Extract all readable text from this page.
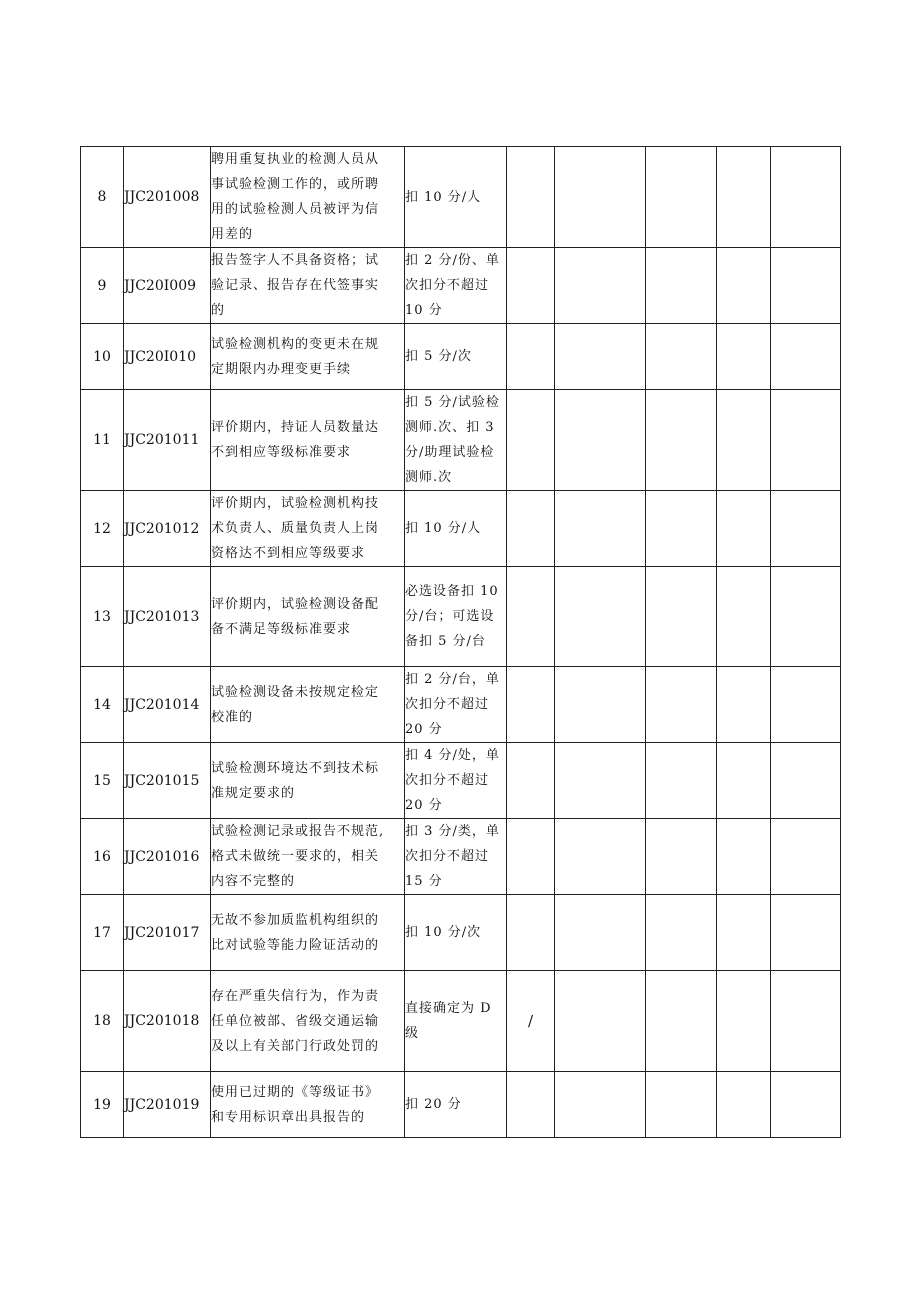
8	JJC201008	聘用重复执业的检测人员从
事试验检测工作的，或所聘
用的试验检测人员被评为信
用差的	扣 10 分/人					

9	JJC20I009	报告签字人不具备资格；试
验记录、报告存在代签事实
的	扣 2 分/份、单
次扣分不超过
10 分					

10	JJC20I010	试验检测机构的变更未在规
定期限内办理变更手续	扣 5 分/次					

11	JJC201011	评价期内，持证人员数量达
不到相应等级标准要求	扣 5 分/试验检
测师.次、扣 3
分/助理试验检
测师.次					

12	JJC201012	评价期内，试验检测机构技
术负责人、质量负责人上岗
资格达不到相应等级要求	扣 10 分/人					

13	JJC201013	评价期内，试验检测设备配
备不满足等级标准要求	必选设备扣 10
分/台；可选设
备扣 5 分/台					

14	JJC201014	试验检测设备未按规定检定
校准的	扣 2 分/台，单
次扣分不超过
20 分					

15	JJC201015	试验检测环境达不到技术标
准规定要求的	扣 4 分/处，单
次扣分不超过
20 分					

16	JJC201016	试验检测记录或报告不规范,
格式未做统一要求的，相关
内容不完整的	扣 3 分/类，单
次扣分不超过
15 分					

17	JJC201017	无故不参加质监机构组织的
比对试验等能力险证活动的	扣 10 分/次					

18	JJC201018	存在严重失信行为，作为责
任单位被部、省级交通运输
及以上有关部门行政处罚的	直接确定为 D
级	/				
19	JJC201019	使用已过期的《等级证书》
和专用标识章出具报告的	扣 20 分					
